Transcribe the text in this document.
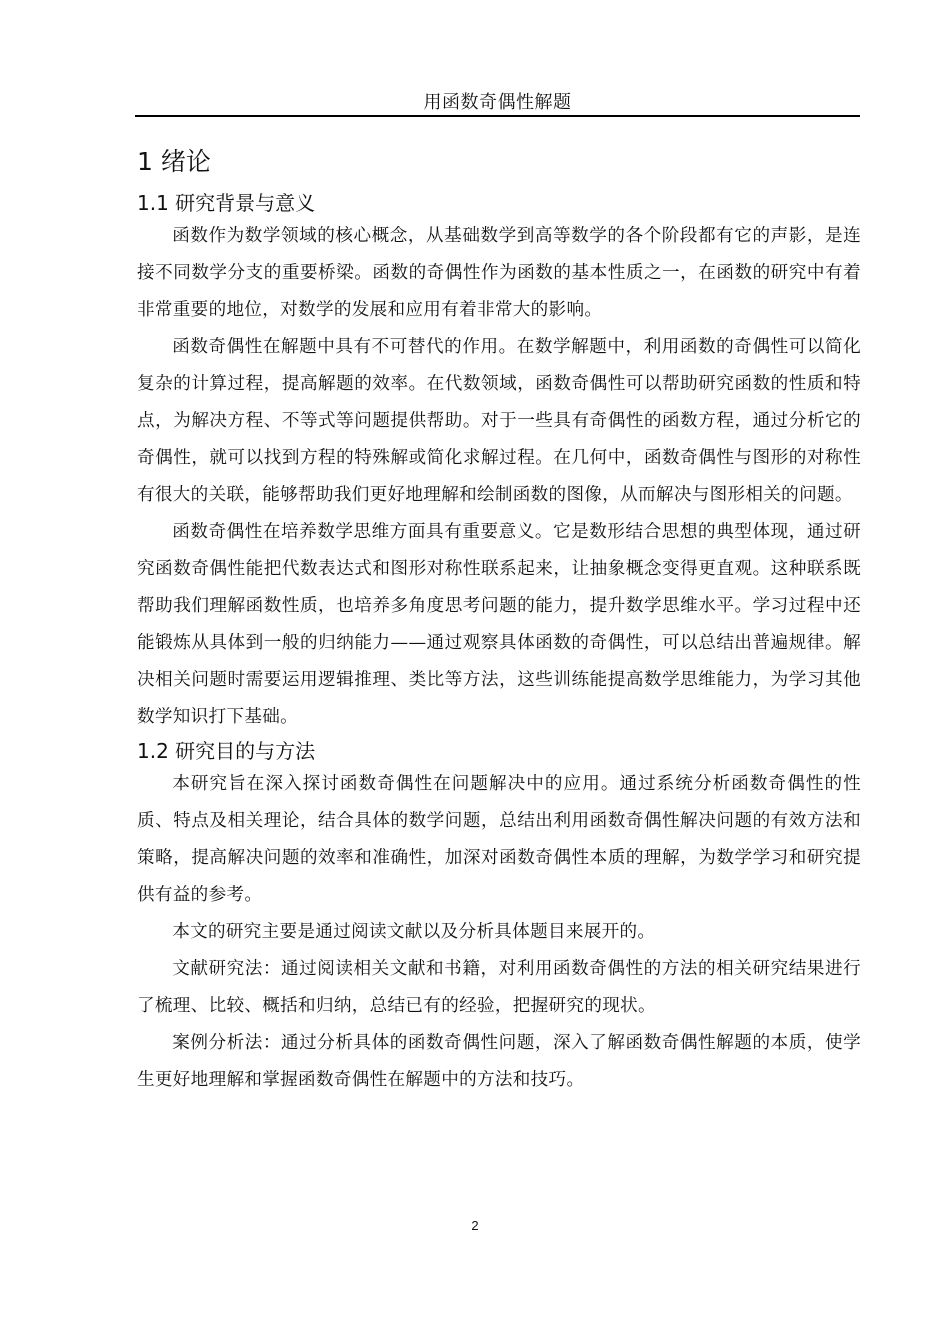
用函数奇偶性解题
1 绪论
1.1 研究背景与意义

函数作为数学领域的核心概念，从基础数学到高等数学的各个阶段都有它的声影，是连接不同数学分支的重要桥梁。函数的奇偶性作为函数的基本性质之一，在函数的研究中有着非常重要的地位，对数学的发展和应用有着非常大的影响。

函数奇偶性在解题中具有不可替代的作用。在数学解题中，利用函数的奇偶性可以简化复杂的计算过程，提高解题的效率。在代数领域，函数奇偶性可以帮助研究函数的性质和特点，为解决方程、不等式等问题提供帮助。对于一些具有奇偶性的函数方程，通过分析它的奇偶性，就可以找到方程的特殊解或简化求解过程。在几何中，函数奇偶性与图形的对称性有很大的关联，能够帮助我们更好地理解和绘制函数的图像，从而解决与图形相关的问题。

函数奇偶性在培养数学思维方面具有重要意义。它是数形结合思想的典型体现，通过研究函数奇偶性能把代数表达式和图形对称性联系起来，让抽象概念变得更直观。这种联系既帮助我们理解函数性质，也培养多角度思考问题的能力，提升数学思维水平。学习过程中还能锻炼从具体到一般的归纳能力——通过观察具体函数的奇偶性，可以总结出普遍规律。解决相关问题时需要运用逻辑推理、类比等方法，这些训练能提高数学思维能力，为学习其他数学知识打下基础。

1.2 研究目的与方法

本研究旨在深入探讨函数奇偶性在问题解决中的应用。通过系统分析函数奇偶性的性质、特点及相关理论，结合具体的数学问题，总结出利用函数奇偶性解决问题的有效方法和策略，提高解决问题的效率和准确性，加深对函数奇偶性本质的理解，为数学学习和研究提供有益的参考。

本文的研究主要是通过阅读文献以及分析具体题目来展开的。

文献研究法：通过阅读相关文献和书籍，对利用函数奇偶性的方法的相关研究结果进行了梳理、比较、概括和归纳，总结已有的经验，把握研究的现状。

案例分析法：通过分析具体的函数奇偶性问题，深入了解函数奇偶性解题的本质，使学生更好地理解和掌握函数奇偶性在解题中的方法和技巧。

2
